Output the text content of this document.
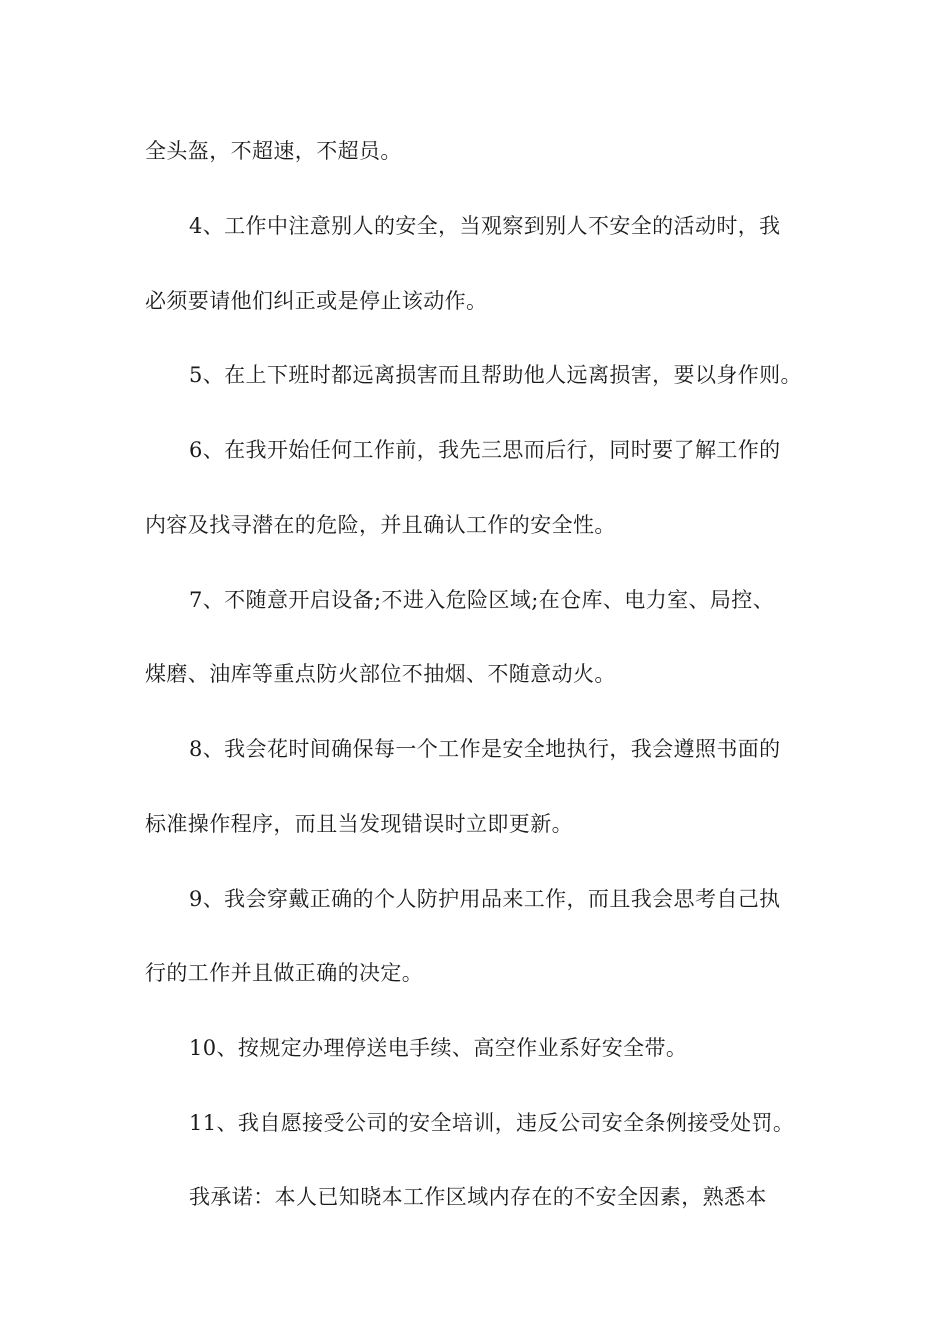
全头盔，不超速，不超员。
4、工作中注意别人的安全，当观察到别人不安全的活动时，我
必须要请他们纠正或是停止该动作。
5、在上下班时都远离损害而且帮助他人远离损害，要以身作则。
6、在我开始任何工作前，我先三思而后行，同时要了解工作的
内容及找寻潜在的危险，并且确认工作的安全性。
7、不随意开启设备;不进入危险区域;在仓库、电力室、局控、
煤磨、油库等重点防火部位不抽烟、不随意动火。
8、我会花时间确保每一个工作是安全地执行，我会遵照书面的
标准操作程序，而且当发现错误时立即更新。
9、我会穿戴正确的个人防护用品来工作，而且我会思考自己执
行的工作并且做正确的决定。
10、按规定办理停送电手续、高空作业系好安全带。
11、我自愿接受公司的安全培训，违反公司安全条例接受处罚。
我承诺：本人已知晓本工作区域内存在的不安全因素，熟悉本
